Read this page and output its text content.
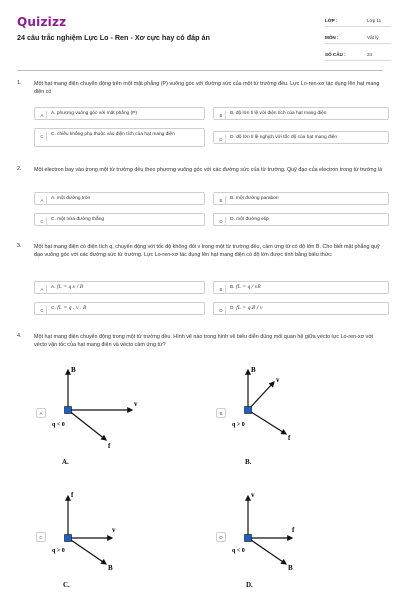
Quizizz
24 câu trắc nghiệm Lực Lo - Ren - Xơ cực hay có đáp án
LỚP :	Lớp 11
MÔN :	Vật lý
SỐ CÂU :	24
1. Một hạt mang điện chuyển động trên một mặt phẳng (P) vuông góc với đường sức của một từ trường đều. Lực Lo-ren-xơ tác dụng lên hạt mang điện có
A	A. phương vuông góc với mặt phẳng (P)	B	B. độ lớn tỉ lệ với điện tích của hạt mang điện
C	C. chiều không phụ thuộc vào điện tích của hạt mang điện
D	D. độ lớn tỉ lệ nghịch với tốc độ của hạt mang điện
2. Một electron bay vào trong một từ trường đều theo phương vuông góc với các đường sức của từ trường. Quỹ đạo của electron trong từ trường là
A	A. một đường tròn	B	B. một đường parabon
C	C. một nửa đường thẳng	D	D. một đường elip
3. Một hạt mang điện có điện tích q, chuyển động với tốc độ không đổi v trong một từ trường đều, cảm ứng từ có độ lớn B. Cho biết mặt phẳng quỹ đạo vuông góc với các đường sức từ trường. Lực Lo-ren-xơ tác dụng lên hạt mang điện có độ lớn được tính bằng biểu thức:
A	A. fL = q.v / B	B	B. fL = q / vB
C	C. fL = q . v . B	D	D. fL = q.B / v
4. Một hạt mang điện chuyển động trong một từ trường đều. Hình vẽ nào trong hình vẽ biểu diễn đúng mối quan hệ giữa vécto lực Lo-ren-xơ với vécto vận tốc của hạt mang điện và vécto cảm ứng từ?
A
B
v
f
q < 0
A.
B
B
v
f
q > 0
B.
C
f
v
B
q > 0
C.
D
v
f
B
q < 0
D.
